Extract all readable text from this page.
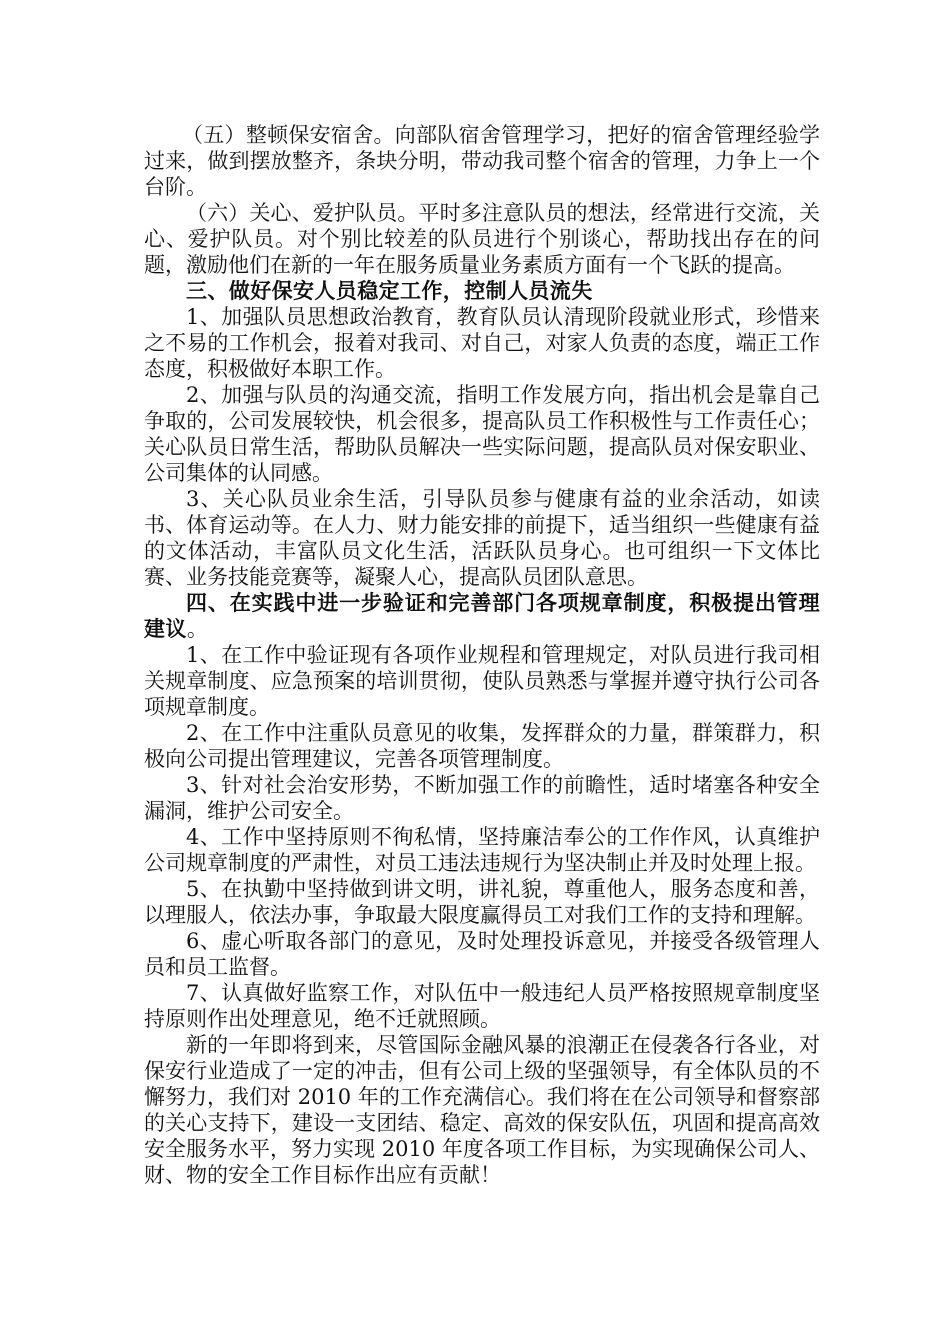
（五）整顿保安宿舍。向部队宿舍管理学习，把好的宿舍管理经验学过来，做到摆放整齐，条块分明，带动我司整个宿舍的管理，力争上一个台阶。

（六）关心、爱护队员。平时多注意队员的想法，经常进行交流，关心、爱护队员。对个别比较差的队员进行个别谈心，帮助找出存在的问题，激励他们在新的一年在服务质量业务素质方面有一个飞跃的提高。

三、做好保安人员稳定工作，控制人员流失

1、加强队员思想政治教育，教育队员认清现阶段就业形式，珍惜来之不易的工作机会，报着对我司、对自己，对家人负责的态度，端正工作态度，积极做好本职工作。

2、加强与队员的沟通交流，指明工作发展方向，指出机会是靠自己争取的，公司发展较快，机会很多，提高队员工作积极性与工作责任心；关心队员日常生活，帮助队员解决一些实际问题，提高队员对保安职业、公司集体的认同感。

3、关心队员业余生活，引导队员参与健康有益的业余活动，如读书、体育运动等。在人力、财力能安排的前提下，适当组织一些健康有益的文体活动，丰富队员文化生活，活跃队员身心。也可组织一下文体比赛、业务技能竞赛等，凝聚人心，提高队员团队意思。

四、在实践中进一步验证和完善部门各项规章制度，积极提出管理建议。

1、在工作中验证现有各项作业规程和管理规定，对队员进行我司相关规章制度、应急预案的培训贯彻，使队员熟悉与掌握并遵守执行公司各项规章制度。

2、在工作中注重队员意见的收集，发挥群众的力量，群策群力，积极向公司提出管理建议，完善各项管理制度。

3、针对社会治安形势，不断加强工作的前瞻性，适时堵塞各种安全漏洞，维护公司安全。

4、工作中坚持原则不徇私情，坚持廉洁奉公的工作作风，认真维护公司规章制度的严肃性，对员工违法违规行为坚决制止并及时处理上报。

5、在执勤中坚持做到讲文明，讲礼貌，尊重他人，服务态度和善，以理服人，依法办事，争取最大限度赢得员工对我们工作的支持和理解。

6、虚心听取各部门的意见，及时处理投诉意见，并接受各级管理人员和员工监督。

7、认真做好监察工作，对队伍中一般违纪人员严格按照规章制度坚持原则作出处理意见，绝不迁就照顾。

新的一年即将到来，尽管国际金融风暴的浪潮正在侵袭各行各业，对保安行业造成了一定的冲击，但有公司上级的坚强领导，有全体队员的不懈努力，我们对 2010 年的工作充满信心。我们将在在公司领导和督察部的关心支持下，建设一支团结、稳定、高效的保安队伍，巩固和提高高效安全服务水平，努力实现 2010 年度各项工作目标，为实现确保公司人、财、物的安全工作目标作出应有贡献！
